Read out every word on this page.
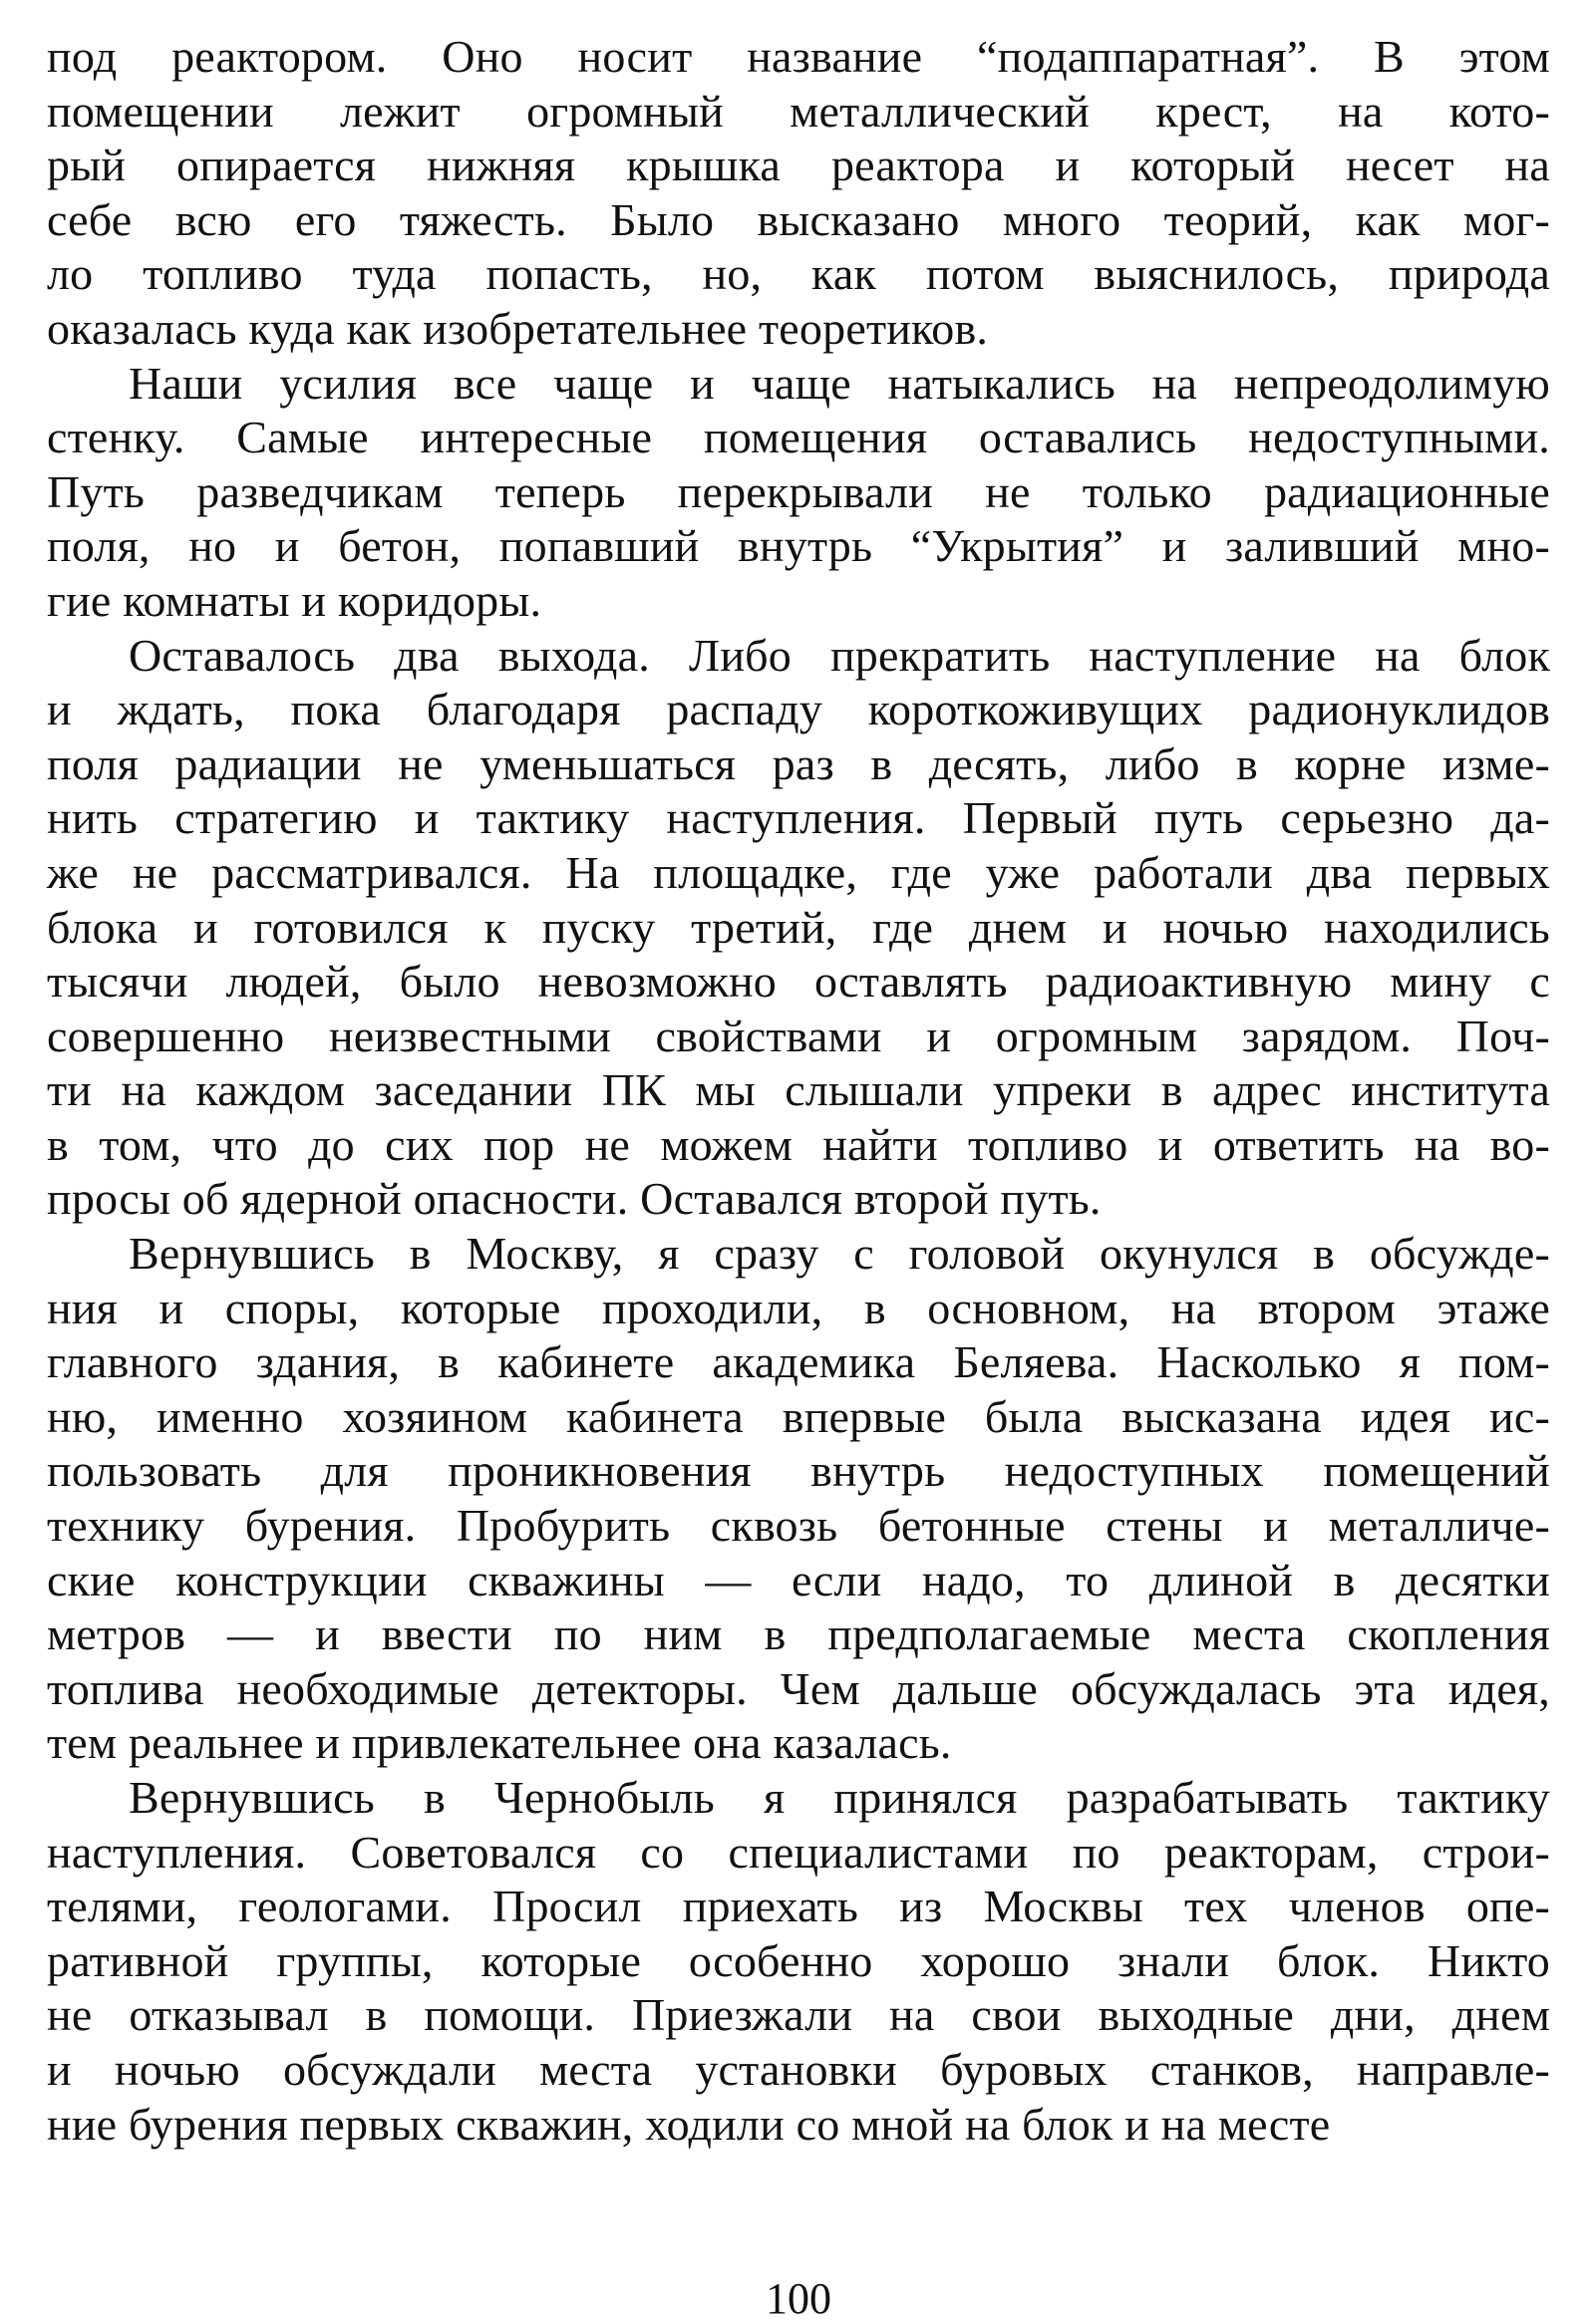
под реактором. Оно носит название “подаппаратная”. В этом
помещении лежит огромный металлический крест, на кото-
рый опирается нижняя крышка реактора и который несет на
себе всю его тяжесть. Было высказано много теорий, как мог-
ло топливо туда попасть, но, как потом выяснилось, природа
оказалась куда как изобретательнее теоретиков.
Наши усилия все чаще и чаще натыкались на непреодолимую
стенку. Самые интересные помещения оставались недоступными.
Путь разведчикам теперь перекрывали не только радиационные
поля, но и бетон, попавший внутрь “Укрытия” и заливший мно-
гие комнаты и коридоры.
Оставалось два выхода. Либо прекратить наступление на блок
и ждать, пока благодаря распаду короткоживущих радионуклидов
поля радиации не уменьшаться раз в десять, либо в корне изме-
нить стратегию и тактику наступления. Первый путь серьезно да-
же не рассматривался. На площадке, где уже работали два первых
блока и готовился к пуску третий, где днем и ночью находились
тысячи людей, было невозможно оставлять радиоактивную мину с
совершенно неизвестными свойствами и огромным зарядом. Поч-
ти на каждом заседании ПК мы слышали упреки в адрес института
в том, что до сих пор не можем найти топливо и ответить на во-
просы об ядерной опасности. Оставался второй путь.
Вернувшись в Москву, я сразу с головой окунулся в обсужде-
ния и споры, которые проходили, в основном, на втором этаже
главного здания, в кабинете академика Беляева. Насколько я пом-
ню, именно хозяином кабинета впервые была высказана идея ис-
пользовать для проникновения внутрь недоступных помещений
технику бурения. Пробурить сквозь бетонные стены и металличе-
ские конструкции скважины — если надо, то длиной в десятки
метров — и ввести по ним в предполагаемые места скопления
топлива необходимые детекторы. Чем дальше обсуждалась эта идея,
тем реальнее и привлекательнее она казалась.
Вернувшись в Чернобыль я принялся разрабатывать тактику
наступления. Советовался со специалистами по реакторам, строи-
телями, геологами. Просил приехать из Москвы тех членов опе-
ративной группы, которые особенно хорошо знали блок. Никто
не отказывал в помощи. Приезжали на свои выходные дни, днем
и ночью обсуждали места установки буровых станков, направле-
ние бурения первых скважин, ходили со мной на блок и на месте
100
